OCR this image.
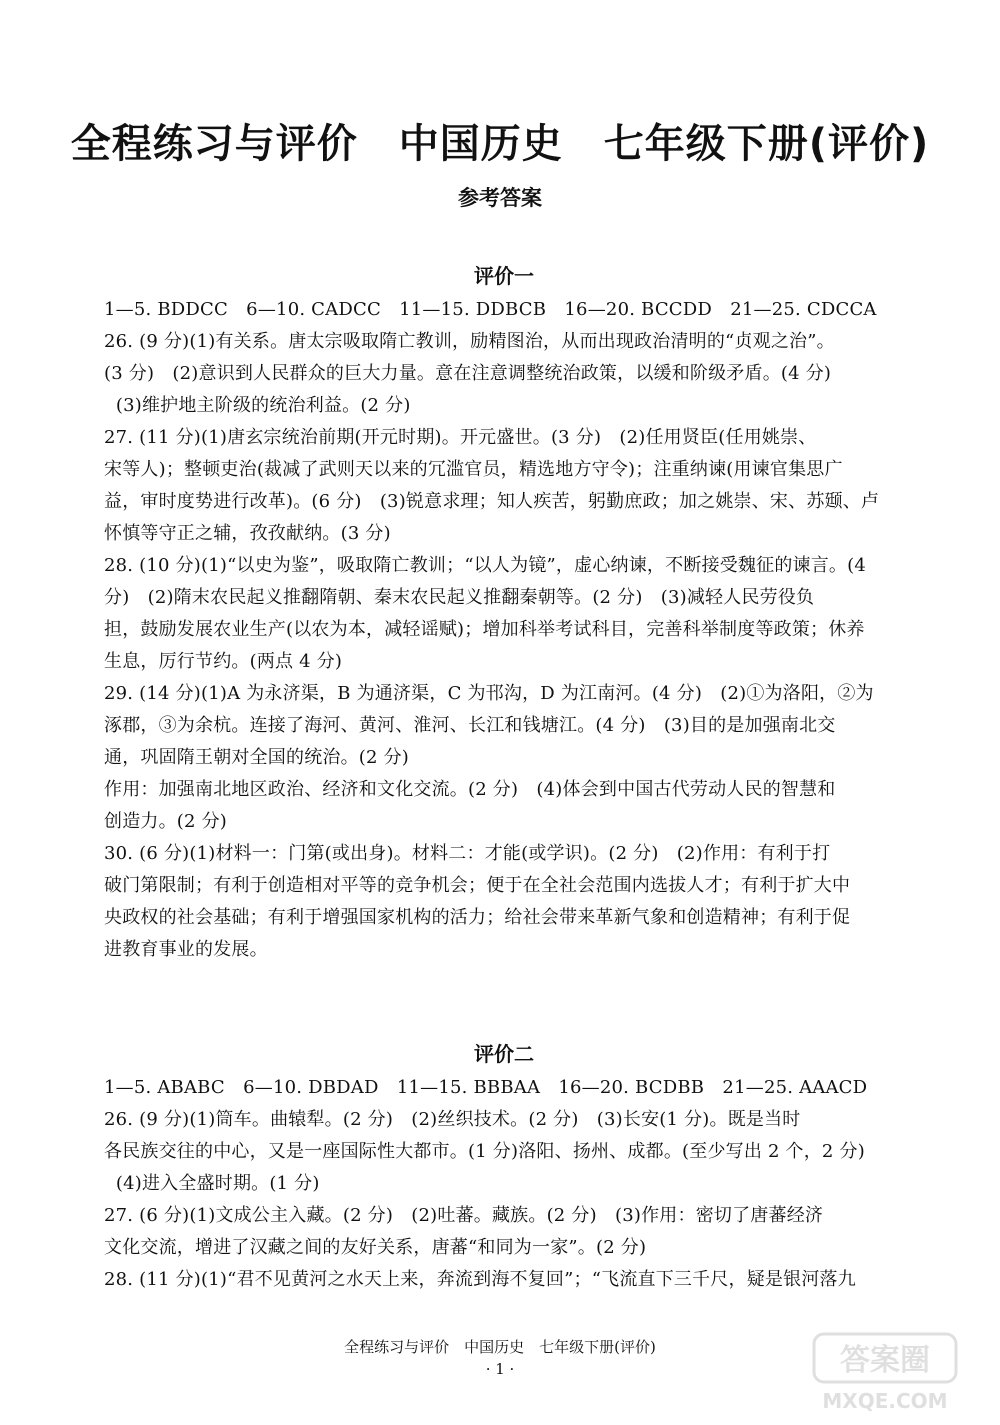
全程练习与评价　中国历史　七年级下册(评价)
参考答案
评价一
1—5. BDDCC　6—10. CADCC　11—15. DDBCB　16—20. BCCDD　21—25. CDCCA
26. (9 分)(1)有关系。唐太宗吸取隋亡教训，励精图治，从而出现政治清明的“贞观之治”。
(3 分)　(2)意识到人民群众的巨大力量。意在注意调整统治政策，以缓和阶级矛盾。(4 分)
(3)维护地主阶级的统治利益。(2 分)
27. (11 分)(1)唐玄宗统治前期(开元时期)。开元盛世。(3 分)　(2)任用贤臣(任用姚崇、
宋等人)；整顿吏治(裁减了武则天以来的冗滥官员，精选地方守令)；注重纳谏(用谏官集思广
益，审时度势进行改革)。(6 分)　(3)锐意求理；知人疾苦，躬勤庶政；加之姚崇、宋、苏颋、卢
怀慎等守正之辅，孜孜献纳。(3 分)
28. (10 分)(1)“以史为鉴”，吸取隋亡教训；“以人为镜”，虚心纳谏，不断接受魏征的谏言。(4
分)　(2)隋末农民起义推翻隋朝、秦末农民起义推翻秦朝等。(2 分)　(3)减轻人民劳役负
担，鼓励发展农业生产(以农为本，减轻谣赋)；增加科举考试科目，完善科举制度等政策；休养
生息，厉行节约。(两点 4 分)
29. (14 分)(1)A 为永济渠，B 为通济渠，C 为邗沟，D 为江南河。(4 分)　(2)①为洛阳，②为
涿郡，③为余杭。连接了海河、黄河、淮河、长江和钱塘江。(4 分)　(3)目的是加强南北交
通，巩固隋王朝对全国的统治。(2 分)
作用：加强南北地区政治、经济和文化交流。(2 分)　(4)体会到中国古代劳动人民的智慧和
创造力。(2 分)
30. (6 分)(1)材料一：门第(或出身)。材料二：才能(或学识)。(2 分)　(2)作用：有利于打
破门第限制；有利于创造相对平等的竞争机会；便于在全社会范围内选拔人才；有利于扩大中
央政权的社会基础；有利于增强国家机构的活力；给社会带来革新气象和创造精神；有利于促
进教育事业的发展。
评价二
1—5. ABABC　6—10. DBDAD　11—15. BBBAA　16—20. BCDBB　21—25. AAACD
26. (9 分)(1)筒车。曲辕犁。(2 分)　(2)丝织技术。(2 分)　(3)长安(1 分)。既是当时
各民族交往的中心，又是一座国际性大都市。(1 分)洛阳、扬州、成都。(至少写出 2 个，2 分)
(4)进入全盛时期。(1 分)
27. (6 分)(1)文成公主入藏。(2 分)　(2)吐蕃。藏族。(2 分)　(3)作用：密切了唐蕃经济
文化交流，增进了汉藏之间的友好关系，唐蕃“和同为一家”。(2 分)
28. (11 分)(1)“君不见黄河之水天上来，奔流到海不复回”；“飞流直下三千尺，疑是银河落九
全程练习与评价　中国历史　七年级下册(评价)
· 1 ·	答案圈
MXQE.COM
